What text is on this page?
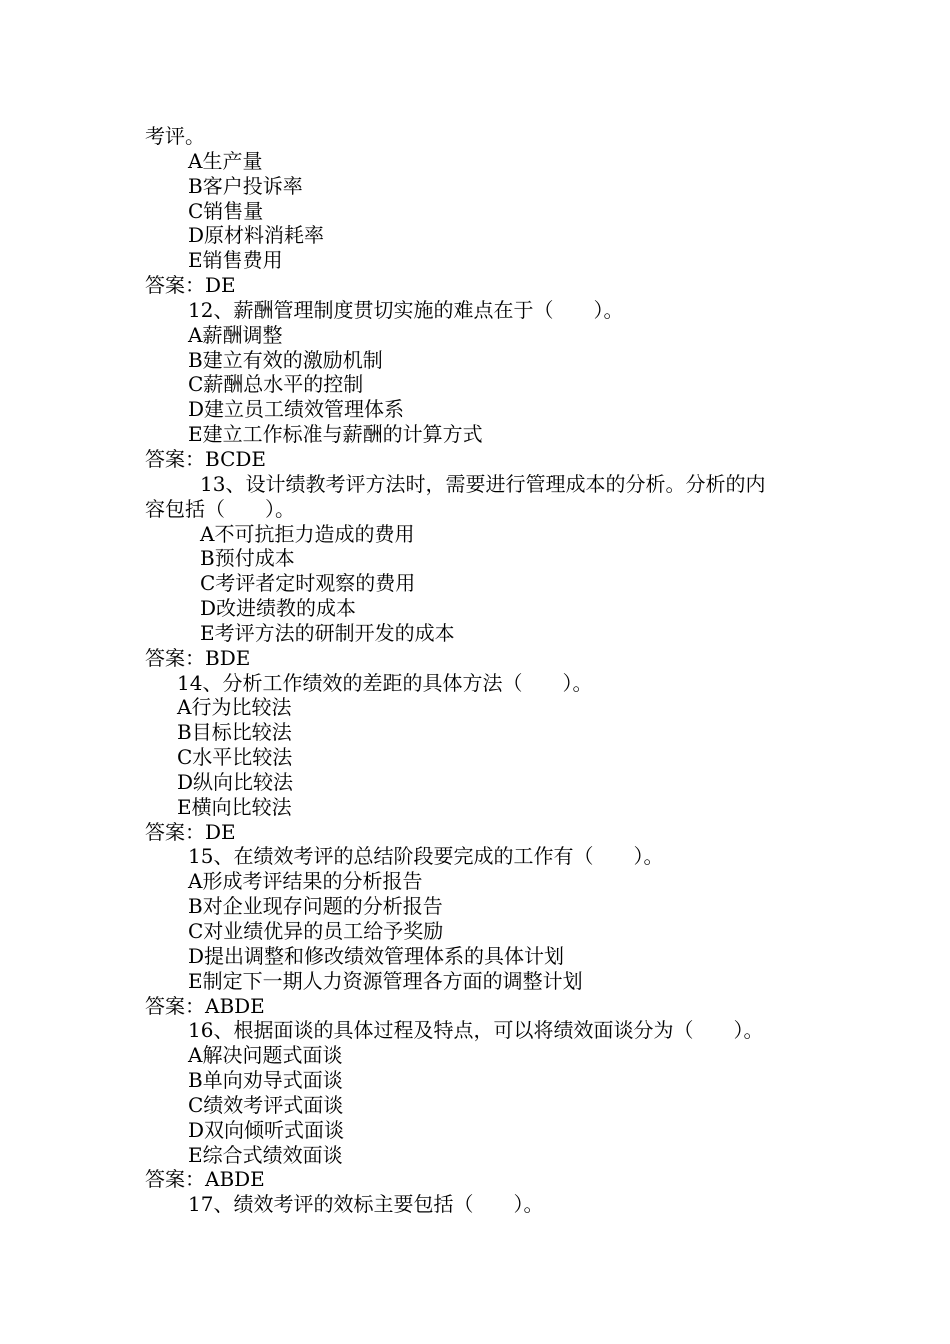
考评。
A生产量
B客户投诉率
C销售量
D原材料消耗率
E销售费用
答案：DE
12、薪酬管理制度贯切实施的难点在于（　　）。
A薪酬调整
B建立有效的激励机制
C薪酬总水平的控制
D建立员工绩效管理体系
E建立工作标准与薪酬的计算方式
答案：BCDE
13、设计绩教考评方法时，需要进行管理成本的分析。分析的内
容包括（　　）。
A不可抗拒力造成的费用
B预付成本
C考评者定时观察的费用
D改进绩教的成本
E考评方法的研制开发的成本
答案：BDE
14、分析工作绩效的差距的具体方法（　　）。
A行为比较法
B目标比较法
C水平比较法
D纵向比较法
E横向比较法
答案：DE
15、在绩效考评的总结阶段要完成的工作有（　　）。
A形成考评结果的分析报告
B对企业现存问题的分析报告
C对业绩优异的员工给予奖励
D提出调整和修改绩效管理体系的具体计划
E制定下一期人力资源管理各方面的调整计划
答案：ABDE
16、根据面谈的具体过程及特点，可以将绩效面谈分为（　　）。
A解决问题式面谈
B单向劝导式面谈
C绩效考评式面谈
D双向倾听式面谈
E综合式绩效面谈
答案：ABDE
17、绩效考评的效标主要包括（　　）。
